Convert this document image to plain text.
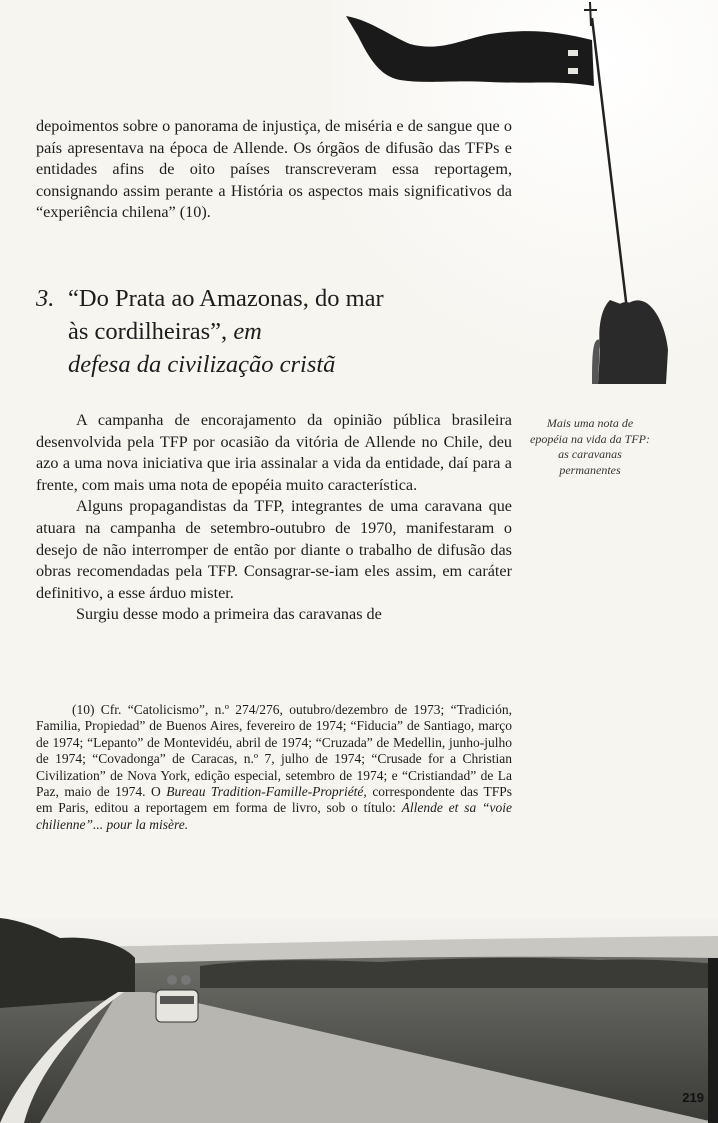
depoimentos sobre o panorama de injustiça, de miséria e de sangue que o país apresentava na época de Allende. Os órgãos de difusão das TFPs e entidades afins de oito países transcreveram essa reportagem, consignando assim perante a História os aspectos mais significativos da “experiência chilena” (10).

3. “Do Prata ao Amazonas, do mar
às cordilheiras”, em
defesa da civilização cristã

A campanha de encorajamento da opinião pública brasileira desenvolvida pela TFP por ocasião da vitória de Allende no Chile, deu azo a uma nova iniciativa que iria assinalar a vida da entidade, daí para a frente, com mais uma nota de epopéia muito característica.

Alguns propagandistas da TFP, integrantes de uma caravana que atuara na campanha de setembro-outubro de 1970, manifestaram o desejo de não interromper de então por diante o trabalho de difusão das obras recomendadas pela TFP. Consagrar-se-iam eles assim, em caráter definitivo, a esse árduo mister.

Surgiu desse modo a primeira das caravanas de

Mais uma nota de epopéia na vida da TFP: as caravanas permanentes

(10) Cfr. “Catolicismo”, n.º 274/276, outubro/dezembro de 1973; “Tradición, Familia, Propiedad” de Buenos Aires, fevereiro de 1974; “Fiducia” de Santiago, março de 1974; “Lepanto” de Montevidéu, abril de 1974; “Cruzada” de Medellin, junho-julho de 1974; “Covadonga” de Caracas, n.º 7, julho de 1974; “Crusade for a Christian Civilization” de Nova York, edição especial, setembro de 1974; e “Cristiandad” de La Paz, maio de 1974. O Bureau Tradition-Famille-Propriété, correspondente das TFPs em Paris, editou a reportagem em forma de livro, sob o título: Allende et sa “voie chilienne”... pour la misère.

219
